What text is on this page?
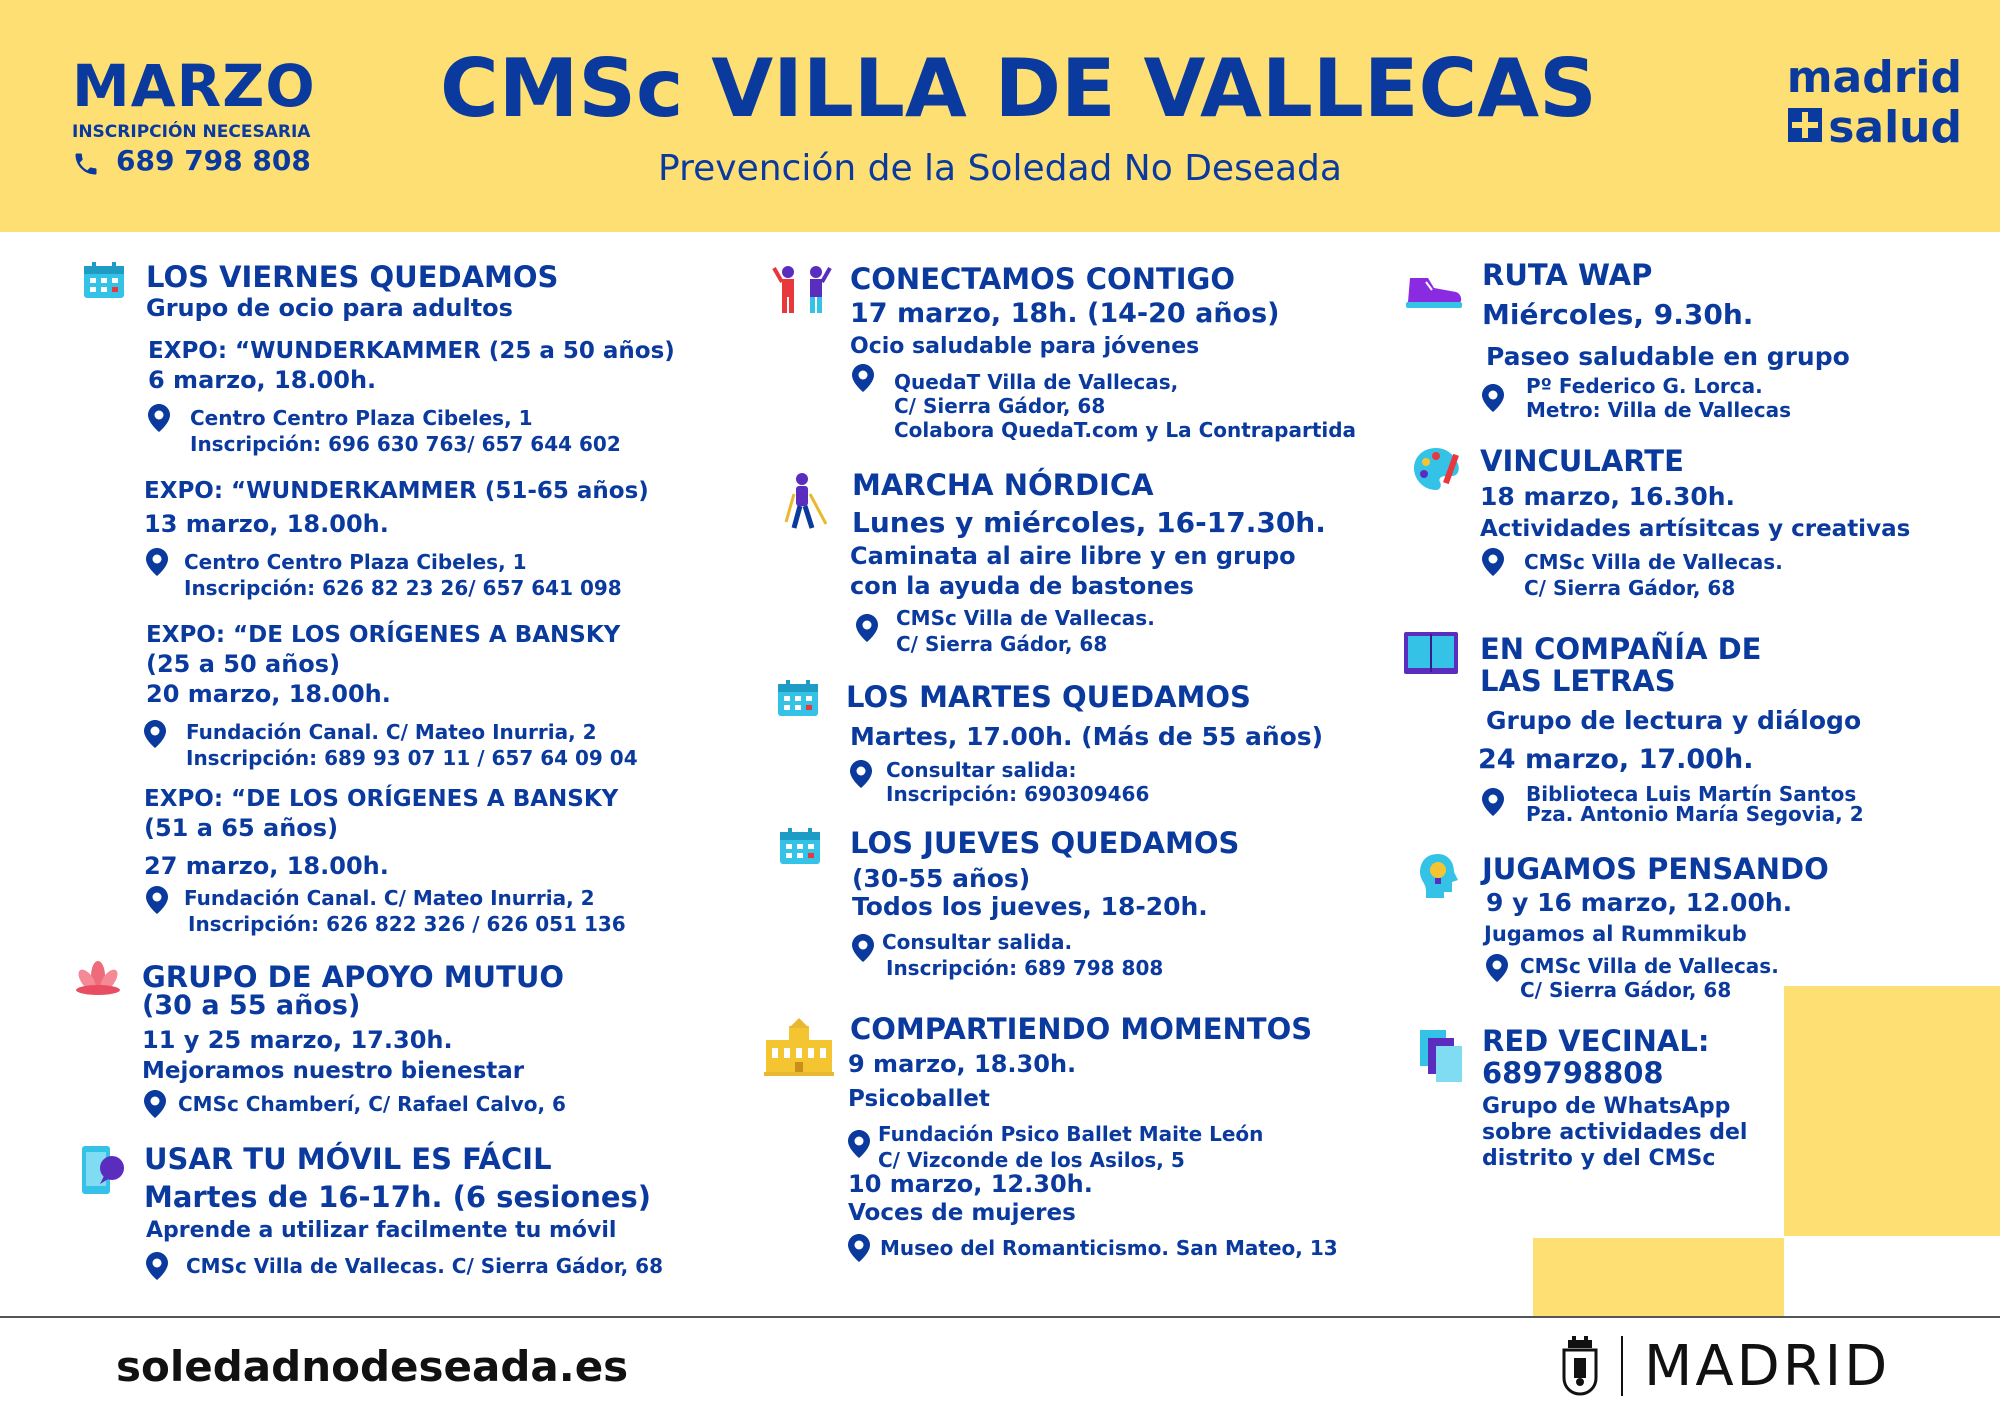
MARZO
INSCRIPCIÓN NECESARIA
689 798 808
CMSc VILLA DE VALLECAS
Prevención de la Soledad No Deseada
madrid
salud
LOS VIERNES QUEDAMOS
Grupo de ocio para adultos
EXPO: “WUNDERKAMMER (25 a 50 años)
6 marzo, 18.00h.
Centro Centro Plaza Cibeles, 1
Inscripción: 696 630 763/ 657 644 602
EXPO: “WUNDERKAMMER (51-65 años)
13 marzo, 18.00h.
Centro Centro Plaza Cibeles, 1
Inscripción: 626 82 23 26/ 657 641 098
EXPO: “DE LOS ORÍGENES A BANSKY
(25 a 50 años)
20 marzo, 18.00h.
Fundación Canal. C/ Mateo Inurria, 2
Inscripción: 689 93 07 11 / 657 64 09 04
EXPO: “DE LOS ORÍGENES A BANSKY
(51 a 65 años)
27 marzo, 18.00h.
Fundación Canal. C/ Mateo Inurria, 2
Inscripción: 626 822 326 / 626 051 136
GRUPO DE APOYO MUTUO
(30 a 55 años)
11 y 25 marzo, 17.30h.
Mejoramos nuestro bienestar
CMSc Chamberí, C/ Rafael Calvo, 6
USAR TU MÓVIL ES FÁCIL
Martes de 16-17h. (6 sesiones)
Aprende a utilizar facilmente tu móvil
CMSc Villa de Vallecas. C/ Sierra Gádor, 68
CONECTAMOS CONTIGO
17 marzo, 18h. (14-20 años)
Ocio saludable para jóvenes
QuedaT Villa de Vallecas,
C/ Sierra Gádor, 68
Colabora QuedaT.com y La Contrapartida
MARCHA NÓRDICA
Lunes y miércoles, 16-17.30h.
Caminata al aire libre y en grupo
con la ayuda de bastones
CMSc Villa de Vallecas.
C/ Sierra Gádor, 68
LOS MARTES QUEDAMOS
Martes, 17.00h. (Más de 55 años)
Consultar salida:
Inscripción: 690309466
LOS JUEVES QUEDAMOS
(30-55 años)
Todos los jueves, 18-20h.
Consultar salida.
Inscripción: 689 798 808
COMPARTIENDO MOMENTOS
9 marzo, 18.30h.
Psicoballet
Fundación Psico Ballet Maite León
C/ Vizconde de los Asilos, 5
10 marzo, 12.30h.
Voces de mujeres
Museo del Romanticismo. San Mateo, 13
RUTA WAP
Miércoles, 9.30h.
Paseo saludable en grupo
Pº Federico G. Lorca.
Metro: Villa de Vallecas
VINCULARTE
18 marzo, 16.30h.
Actividades artísitcas y creativas
CMSc Villa de Vallecas.
C/ Sierra Gádor, 68
EN COMPAÑÍA DE
LAS LETRAS
Grupo de lectura y diálogo
24 marzo, 17.00h.
Biblioteca Luis Martín Santos
Pza. Antonio María Segovia, 2
JUGAMOS PENSANDO
9 y 16 marzo, 12.00h.
Jugamos al Rummikub
CMSc Villa de Vallecas.
C/ Sierra Gádor, 68
RED VECINAL:
689798808
Grupo de WhatsApp
sobre actividades del
distrito y del CMSc
soledadnodeseada.es	MADRID
